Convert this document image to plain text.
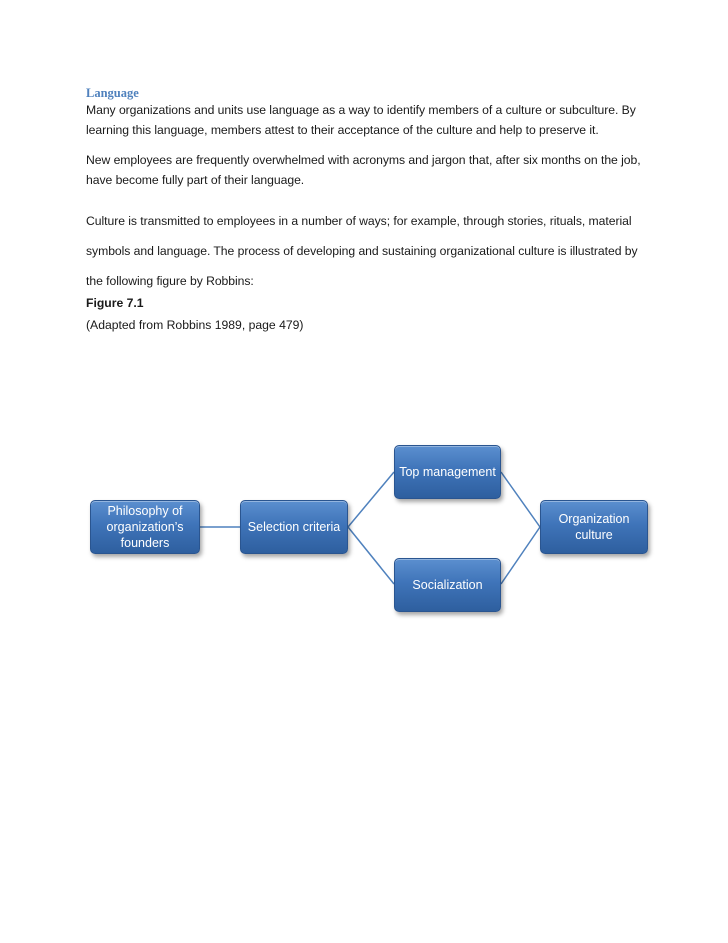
Language
Many organizations and units use language as a way to identify members of a culture or subculture. By learning this language, members attest to their acceptance of the culture and help to preserve it.
New employees are frequently overwhelmed with acronyms and jargon that, after six months on the job, have become fully part of their language.
Culture is transmitted to employees in a number of ways; for example, through stories, rituals, material symbols and language. The process of developing and sustaining organizational culture is illustrated by the following figure by Robbins:
Figure 7.1
(Adapted from Robbins 1989, page 479)
Philosophy of organization’s founders
Selection criteria
Top management
Socialization
Organization culture
